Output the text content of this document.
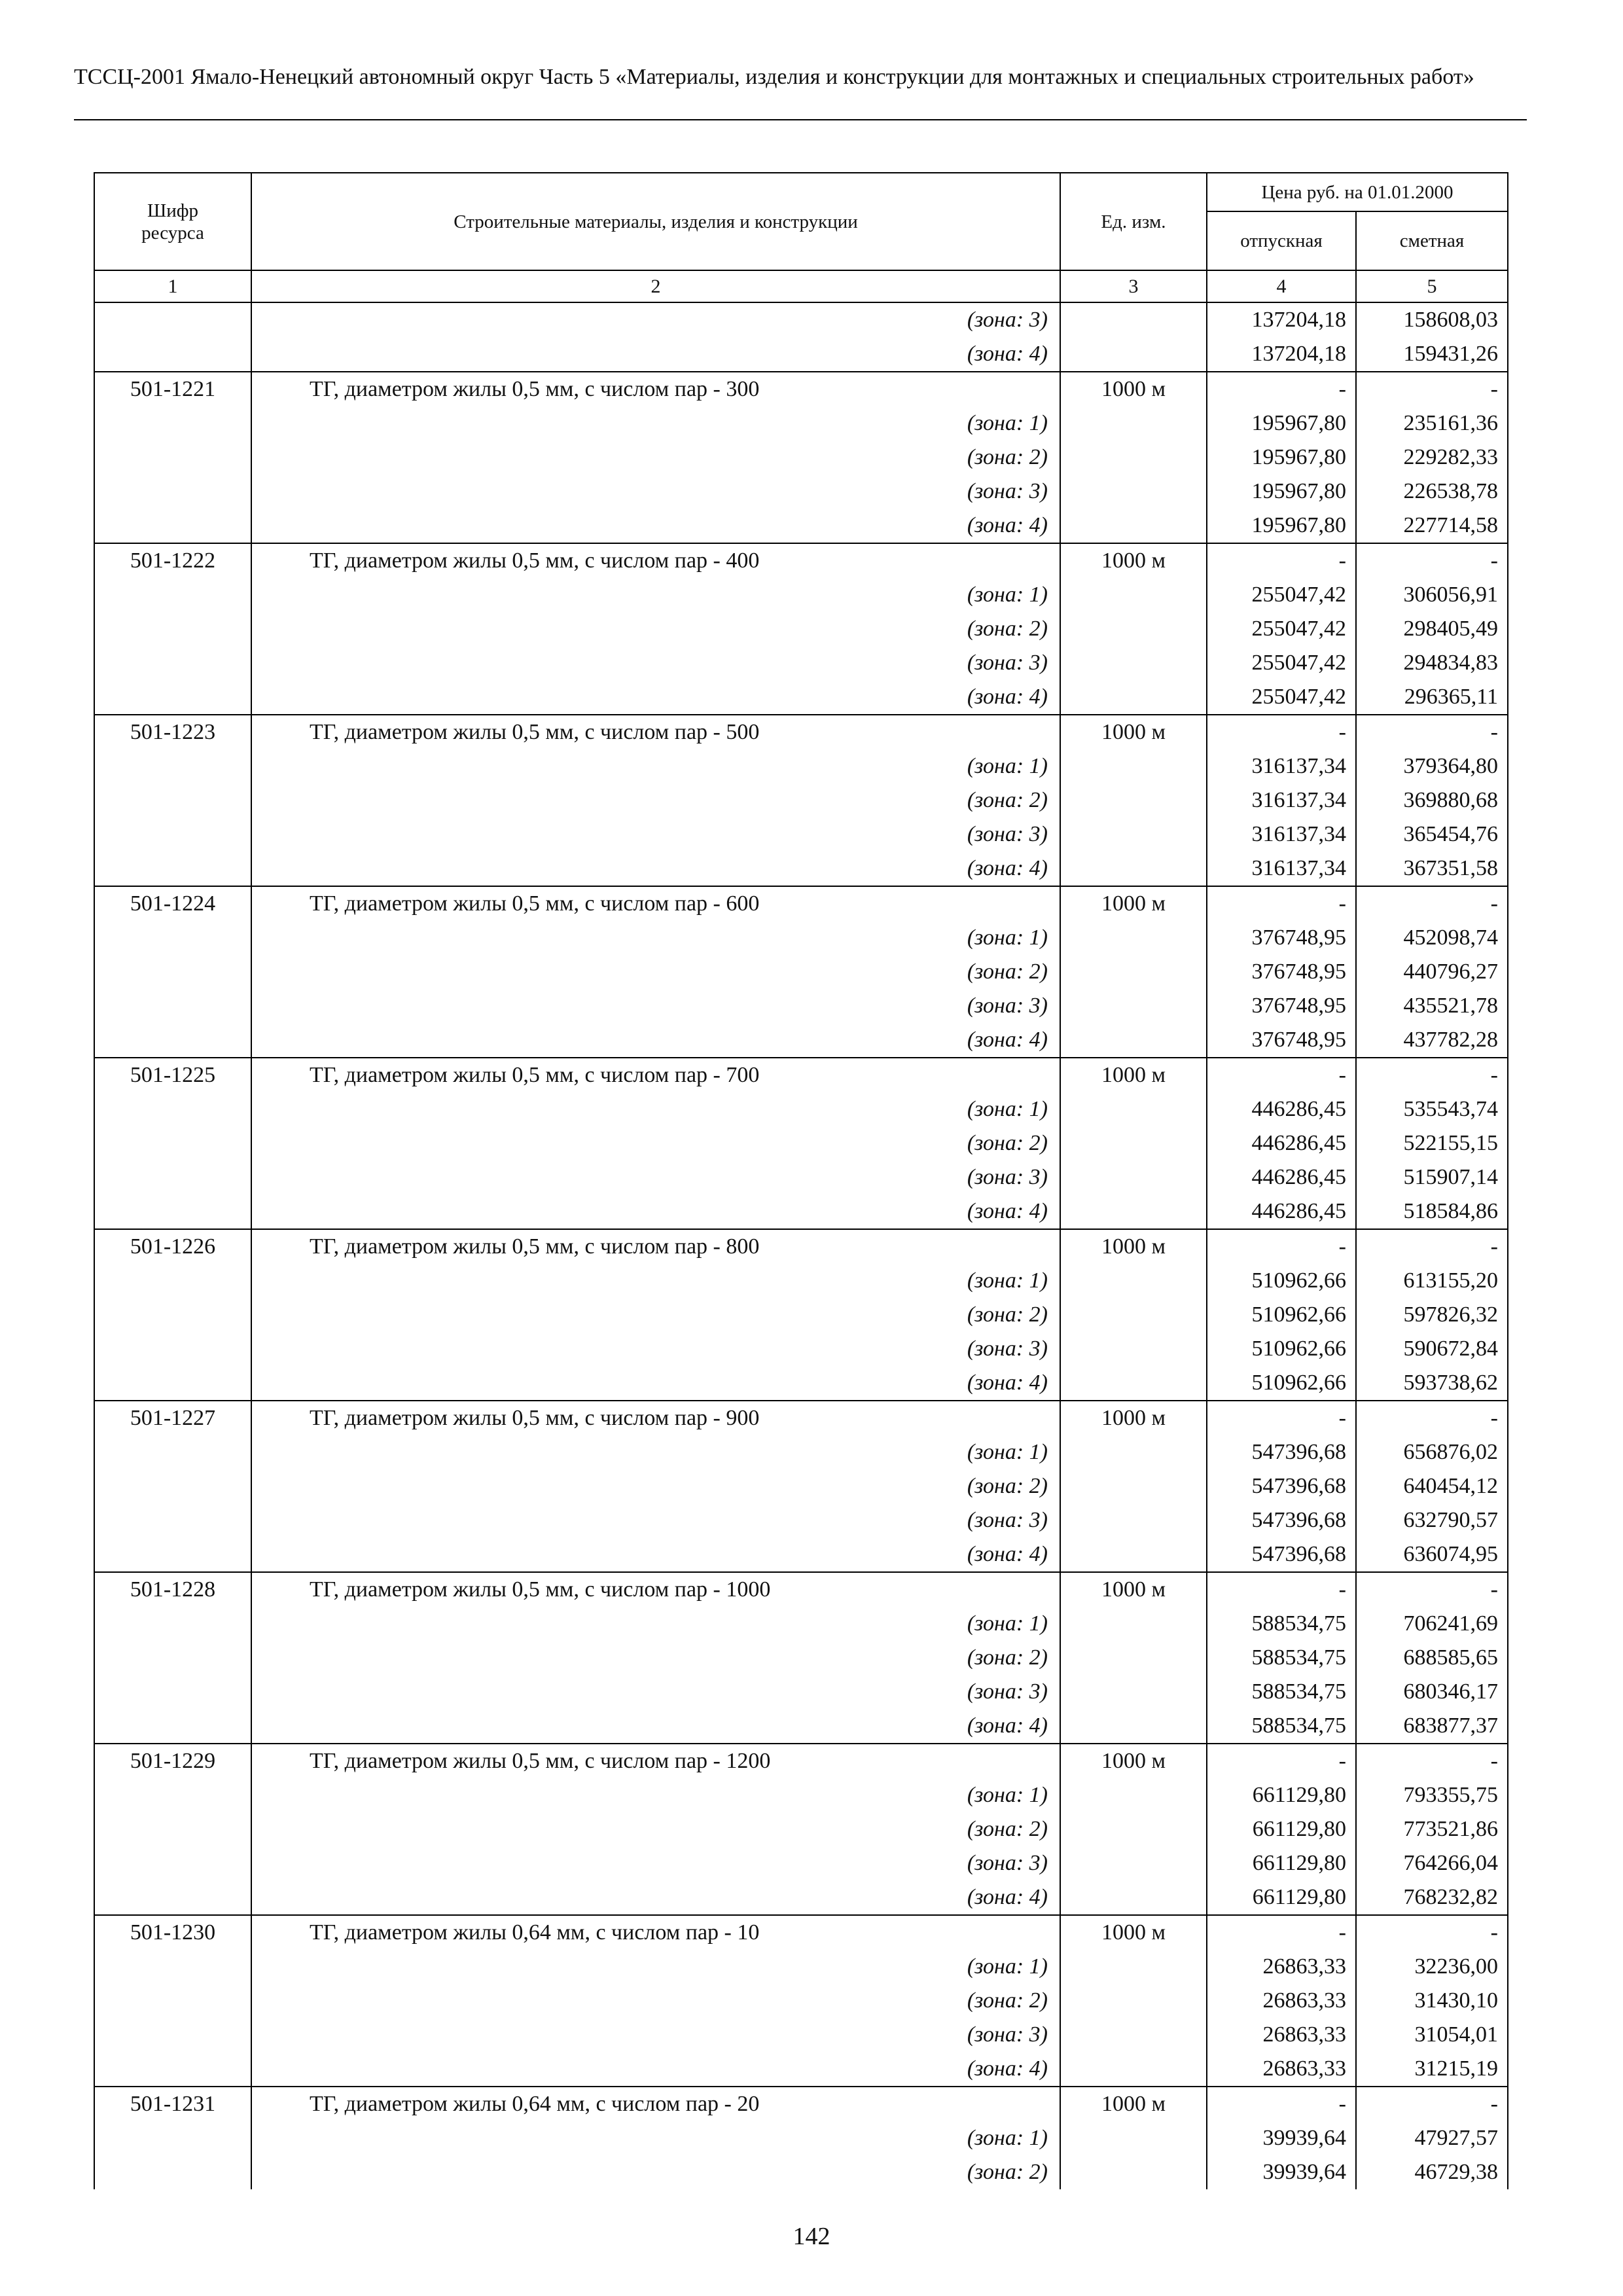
ТССЦ-2001 Ямало-Ненецкий автономный округ Часть 5 «Материалы, изделия и конструкции для монтажных и специальных строительных работ»
Шифр ресурса	Строительные материалы, изделия и конструкции	Ед. изм.	Цена руб. на 01.01.2000	
			отпускная	сметная
1	2	3	4	5
	(зона: 3)		137204,18	158608,03
	(зона: 4)		137204,18	159431,26
501-1221	ТГ, диаметром жилы 0,5 мм, с числом пар - 300	1000 м	-	-
	(зона: 1)		195967,80	235161,36
	(зона: 2)		195967,80	229282,33
	(зона: 3)		195967,80	226538,78
	(зона: 4)		195967,80	227714,58
501-1222	ТГ, диаметром жилы 0,5 мм, с числом пар - 400	1000 м	-	-
	(зона: 1)		255047,42	306056,91
	(зона: 2)		255047,42	298405,49
	(зона: 3)		255047,42	294834,83
	(зона: 4)		255047,42	296365,11
501-1223	ТГ, диаметром жилы 0,5 мм, с числом пар - 500	1000 м	-	-
	(зона: 1)		316137,34	379364,80
	(зона: 2)		316137,34	369880,68
	(зона: 3)		316137,34	365454,76
	(зона: 4)		316137,34	367351,58
501-1224	ТГ, диаметром жилы 0,5 мм, с числом пар - 600	1000 м	-	-
	(зона: 1)		376748,95	452098,74
	(зона: 2)		376748,95	440796,27
	(зона: 3)		376748,95	435521,78
	(зона: 4)		376748,95	437782,28
501-1225	ТГ, диаметром жилы 0,5 мм, с числом пар - 700	1000 м	-	-
	(зона: 1)		446286,45	535543,74
	(зона: 2)		446286,45	522155,15
	(зона: 3)		446286,45	515907,14
	(зона: 4)		446286,45	518584,86
501-1226	ТГ, диаметром жилы 0,5 мм, с числом пар - 800	1000 м	-	-
	(зона: 1)		510962,66	613155,20
	(зона: 2)		510962,66	597826,32
	(зона: 3)		510962,66	590672,84
	(зона: 4)		510962,66	593738,62
501-1227	ТГ, диаметром жилы 0,5 мм, с числом пар - 900	1000 м	-	-
	(зона: 1)		547396,68	656876,02
	(зона: 2)		547396,68	640454,12
	(зона: 3)		547396,68	632790,57
	(зона: 4)		547396,68	636074,95
501-1228	ТГ, диаметром жилы 0,5 мм, с числом пар - 1000	1000 м	-	-
	(зона: 1)		588534,75	706241,69
	(зона: 2)		588534,75	688585,65
	(зона: 3)		588534,75	680346,17
	(зона: 4)		588534,75	683877,37
501-1229	ТГ, диаметром жилы 0,5 мм, с числом пар - 1200	1000 м	-	-
	(зона: 1)		661129,80	793355,75
	(зона: 2)		661129,80	773521,86
	(зона: 3)		661129,80	764266,04
	(зона: 4)		661129,80	768232,82
501-1230	ТГ, диаметром жилы 0,64 мм, с числом пар - 10	1000 м	-	-
	(зона: 1)		26863,33	32236,00
	(зона: 2)		26863,33	31430,10
	(зона: 3)		26863,33	31054,01
	(зона: 4)		26863,33	31215,19
501-1231	ТГ, диаметром жилы 0,64 мм, с числом пар - 20	1000 м	-	-
	(зона: 1)		39939,64	47927,57
	(зона: 2)		39939,64	46729,38
142
